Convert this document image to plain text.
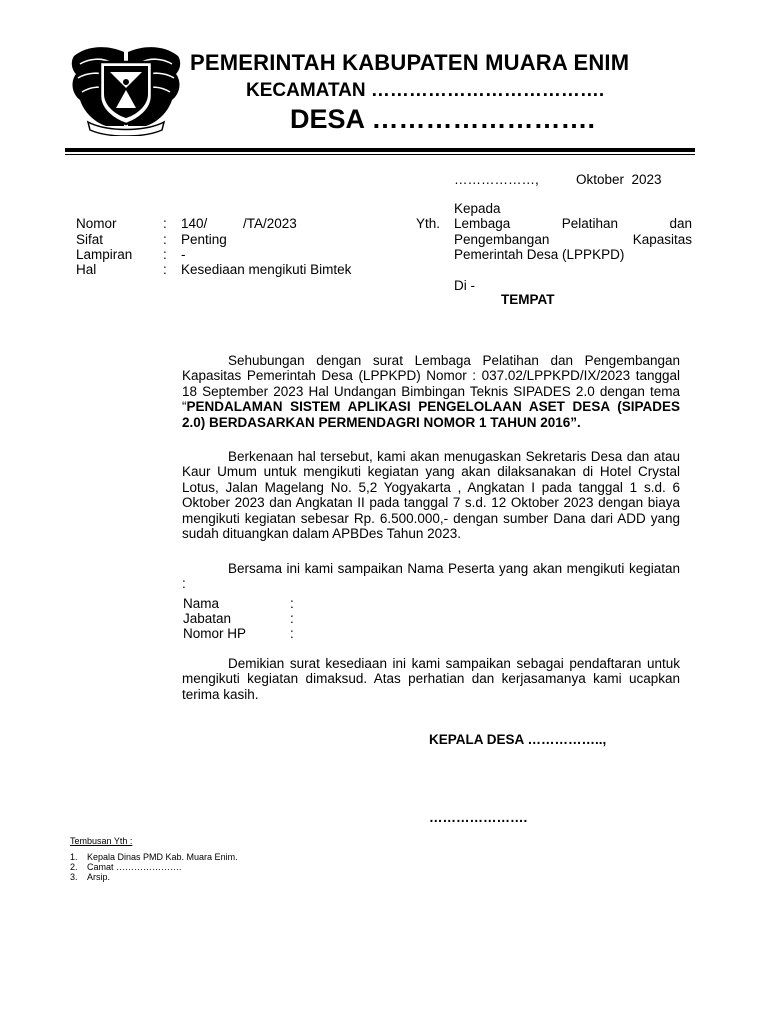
PEMERINTAH KABUPATEN MUARA ENIM
KECAMATAN ……………………………….
DESA …………………….
………………,	Oktober  2023
Nomor	: 140/	/TA/2023
Sifat	: Penting
Lampiran : -
Hal	: Kesediaan mengikuti Bimtek
Yth.
Kepada
Lembaga Pelatihan dan
Pengembangan Kapasitas
Pemerintah Desa (LPPKPD)
Di -
TEMPAT
Sehubungan dengan surat Lembaga Pelatihan dan Pengembangan Kapasitas Pemerintah Desa (LPPKPD) Nomor : 037.02/LPPKPD/IX/2023 tanggal 18 September 2023 Hal Undangan Bimbingan Teknis SIPADES 2.0 dengan tema “PENDALAMAN SISTEM APLIKASI PENGELOLAAN ASET DESA (SIPADES 2.0) BERDASARKAN PERMENDAGRI NOMOR 1 TAHUN 2016”.
Berkenaan hal tersebut, kami akan menugaskan Sekretaris Desa dan atau Kaur Umum untuk mengikuti kegiatan yang akan dilaksanakan di Hotel Crystal Lotus, Jalan Magelang No. 5,2 Yogyakarta , Angkatan I pada tanggal 1 s.d. 6 Oktober 2023 dan Angkatan II pada tanggal 7 s.d. 12 Oktober 2023 dengan biaya mengikuti kegiatan sebesar Rp. 6.500.000,- dengan sumber Dana dari ADD yang sudah dituangkan dalam APBDes Tahun 2023.
Bersama ini kami sampaikan Nama Peserta yang akan mengikuti kegiatan :
Nama	:
Jabatan	:
Nomor HP	:
Demikian surat kesediaan ini kami sampaikan sebagai pendaftaran untuk mengikuti kegiatan dimaksud. Atas perhatian dan kerjasamanya kami ucapkan terima kasih.
KEPALA DESA ……………..,
………………….
Tembusan Yth :
1. Kepala Dinas PMD Kab. Muara Enim.
2. Camat ………………….
3. Arsip.
